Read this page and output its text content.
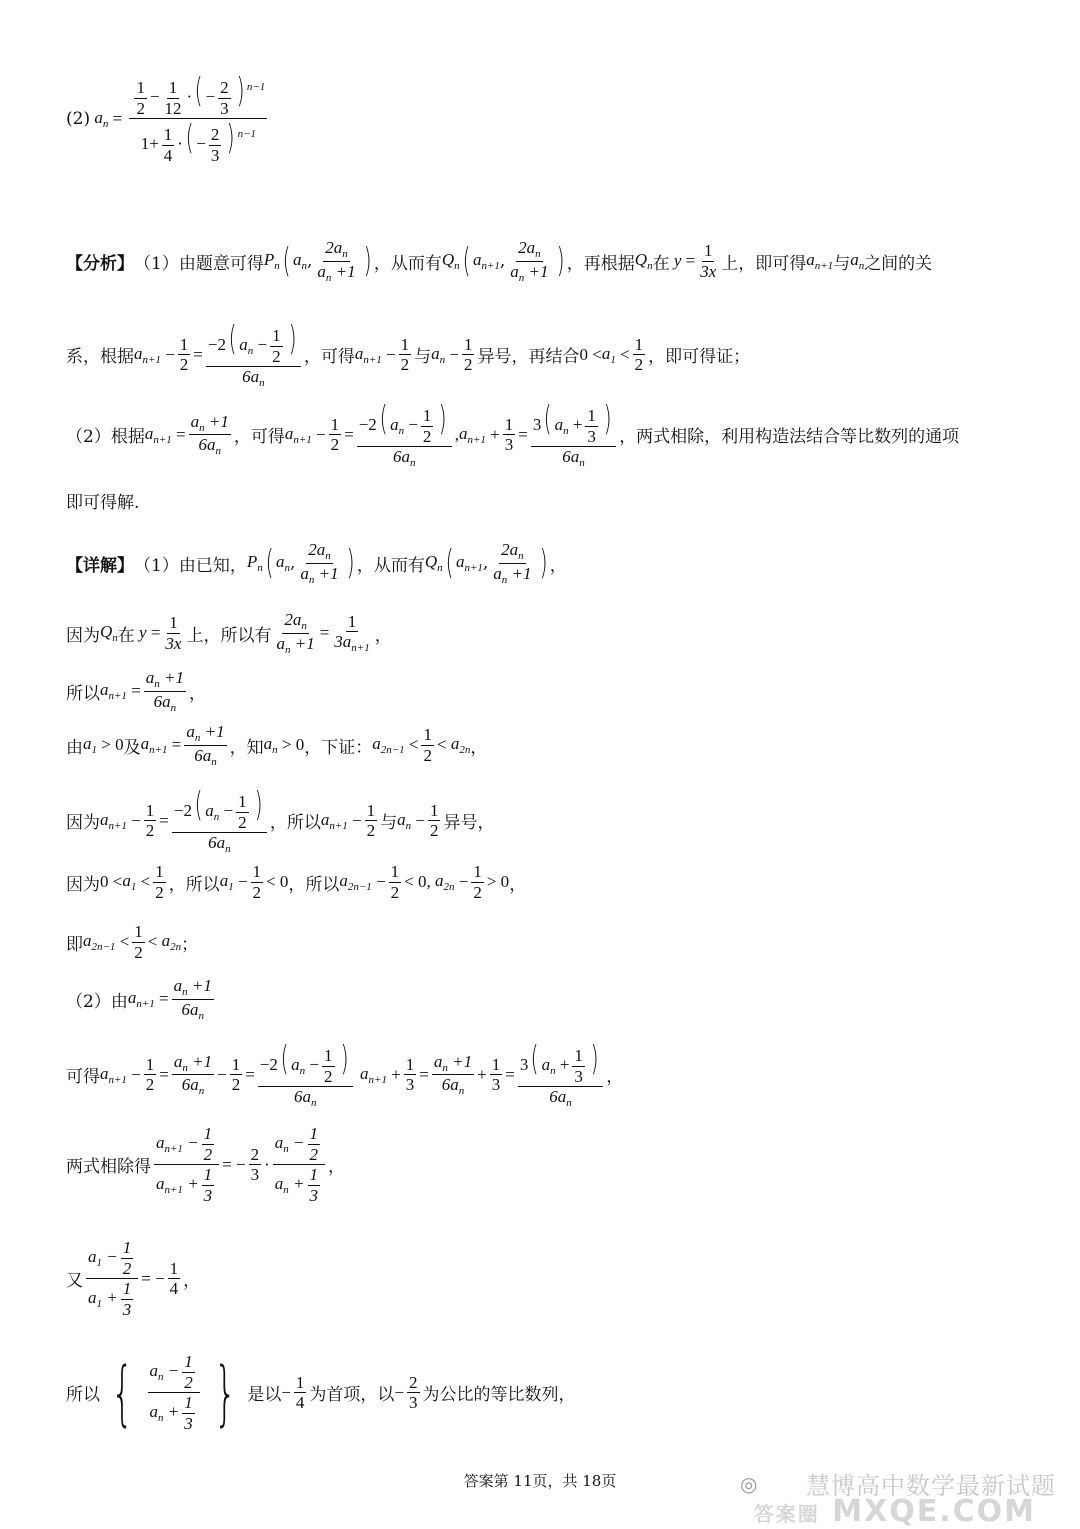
(2) $a_n = \frac{\frac{1}{2} - \frac{1}{12} \cdot( - \frac{2}{3} ) ^{n-1}}{1+ \frac{1}{4} \cdot( - \frac{2}{3} ) ^{n-1}}$
【分析】 （1）由题意可得 $P_n$ ( $a_n$ , $\frac{2a_n}{a_n +1}$ ) ，从而有 $Q_n$ ( $a_{n+1}$ , $\frac{2a_n}{a_n +1}$ ) ，再根据 $Q_n$ 在 $y = \frac{1}{3x}$ 上，即可得 $a_{n+1}$ 与 $a_n$ 之间的关
系，根据 $a_{n+1} - \frac{1}{2} = \frac{-2( a_n - \frac{1}{2} )}{6a_n}$ ，可得 $a_{n+1} - \frac{1}{2}$ 与 $a_n - \frac{1}{2}$ 异号，再结合 $0 < a_1 < \frac{1}{2}$ ，即可得证；
（2）根据 $a_{n+1} = \frac{a_n +1}{6a_n}$ ，可得 $a_{n+1} - \frac{1}{2} = \frac{-2( a_n - \frac{1}{2} )}{6a_n}$ , $a_{n+1} + \frac{1}{3} = \frac{3( a_n + \frac{1}{3} )}{6a_n}$ ，两式相除，利用构造法结合等比数列的通项
即可得解.
【详解】 （1）由已知， $P_n$ ( $a_n$ , $\frac{2a_n}{a_n +1}$ ) ，从而有 $Q_n$ ( $a_{n+1}$ , $\frac{2a_n}{a_n +1}$ ) ，
因为 $Q_n$ 在 $y = \frac{1}{3x}$ 上，所以有 $\frac{2a_n}{a_n +1} = \frac{1}{3a_{n+1}}$ ，
所以 $a_{n+1} = \frac{a_n +1}{6a_n}$ ，
由 $a_1 > 0$ 及 $a_{n+1} = \frac{a_n +1}{6a_n}$ ，知 $a_n > 0$ ，下证： $a_{2n-1} < \frac{1}{2} < a_{2n}$ ，
因为 $a_{n+1} - \frac{1}{2} = \frac{-2( a_n - \frac{1}{2} )}{6a_n}$ ，所以 $a_{n+1} - \frac{1}{2}$ 与 $a_n - \frac{1}{2}$ 异号，
因为 $0 < a_1 < \frac{1}{2}$ ，所以 $a_1 - \frac{1}{2} < 0$ ，所以 $a_{2n-1} - \frac{1}{2} < 0$, $a_{2n} - \frac{1}{2} > 0$ ，
即 $a_{2n-1} < \frac{1}{2} < a_{2n}$ ；
（2）由 $a_{n+1} = \frac{a_n +1}{6a_n}$
可得 $a_{n+1} - \frac{1}{2} = \frac{a_n +1}{6a_n} - \frac{1}{2} = \frac{-2( a_n - \frac{1}{2} )}{6a_n} a_{n+1} + \frac{1}{3} = \frac{a_n +1}{6a_n} + \frac{1}{3} = \frac{3( a_n + \frac{1}{3} )}{6a_n}$ ，
两式相除得 $\frac{a_{n+1} - \frac{1}{2}}{a_{n+1} + \frac{1}{3}}$ = − $\frac{2}{3} \cdot \frac{a_n - \frac{1}{2}}{a_n + \frac{1}{3}}$ ，
又 $\frac{a_1 - \frac{1}{2}}{a_1 + \frac{1}{3}}$ = − $\frac{1}{4}$ ，
所以 { $\frac{a_n - \frac{1}{2}}{a_n + \frac{1}{3}}$ } 是以 − $\frac{1}{4}$ 为首项，以 − $\frac{2}{3}$ 为公比的等比数列，
答案第 11页，共 18页	◎ 慧博高中数学最新试题
答案圈 MXQE.COM
